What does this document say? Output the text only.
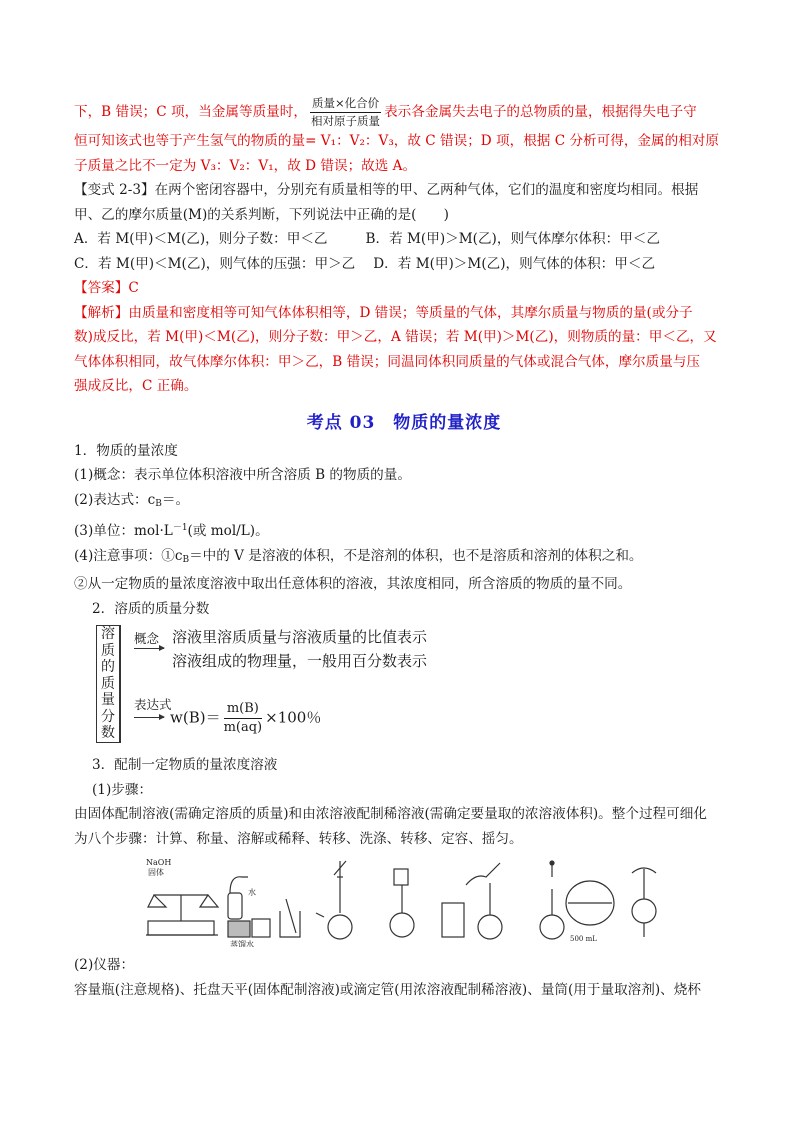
下，B 错误；C 项，当金属等质量时， $\frac{\text{质量×化合价}}{\text{相对原子质量}}$ 表示各金属失去电子的总物质的量，根据得失电子守
恒可知该式也等于产生氢气的物质的量= V₁：V₂：V₃，故 C 错误；D 项，根据 C 分析可得，金属的相对原
子质量之比不一定为 V₃：V₂：V₁，故 D 错误；故选 A。
【变式 2-3】在两个密闭容器中，分别充有质量相等的甲、乙两种气体，它们的温度和密度均相同。根据
甲、乙的摩尔质量(M)的关系判断，下列说法中正确的是(　　)
A．若 M(甲)＜M(乙)，则分子数：甲＜乙	B．若 M(甲)＞M(乙)，则气体摩尔体积：甲＜乙
C．若 M(甲)＜M(乙)，则气体的压强：甲＞乙 D．若 M(甲)＞M(乙)，则气体的体积：甲＜乙
【答案】C
【解析】由质量和密度相等可知气体体积相等，D 错误；等质量的气体，其摩尔质量与物质的量(或分子
数)成反比，若 M(甲)＜M(乙)，则分子数：甲＞乙，A 错误；若 M(甲)＞M(乙)，则物质的量：甲＜乙，又
气体体积相同，故气体摩尔体积：甲＞乙，B 错误；同温同体积同质量的气体或混合气体，摩尔质量与压
强成反比，C 正确。
考点 03　物质的量浓度
1．物质的量浓度
(1)概念：表示单位体积溶液中所含溶质 B 的物质的量。
(2)表达式：$c_B=$。
(3)单位：$mol\cdot L^{-1}$(或 mol/L)。
(4)注意事项：$①c_B=$中的 V 是溶液的体积，不是溶剂的体积，也不是溶质和溶剂的体积之和。
②从一定物质的量浓度溶液中取出任意体积的溶液，其浓度相同，所含溶质的物质的量不同。
2．溶质的质量分数
溶
质
的
质
量
分
数
概念 溶液里溶质质量与溶液质量的比值表示
溶液组成的物理量，一般用百分数表示
表达式
$w(B)= \frac{m(B)}{m(aq)} \times 100$％
3．配制一定物质的量浓度溶液
(1)步骤：
由固体配制溶液(需确定溶质的质量)和由浓溶液配制稀溶液(需确定要量取的浓溶液体积)。整个过程可细化
为八个步骤：计算、称量、溶解或稀释、转移、洗涤、转移、定容、摇匀。
NaOH
固体
水
蒸馏水
500 mL
(2)仪器：
容量瓶(注意规格)、托盘天平(固体配制溶液)或滴定管(用浓溶液配制稀溶液)、量筒(用于量取溶剂)、烧杯
